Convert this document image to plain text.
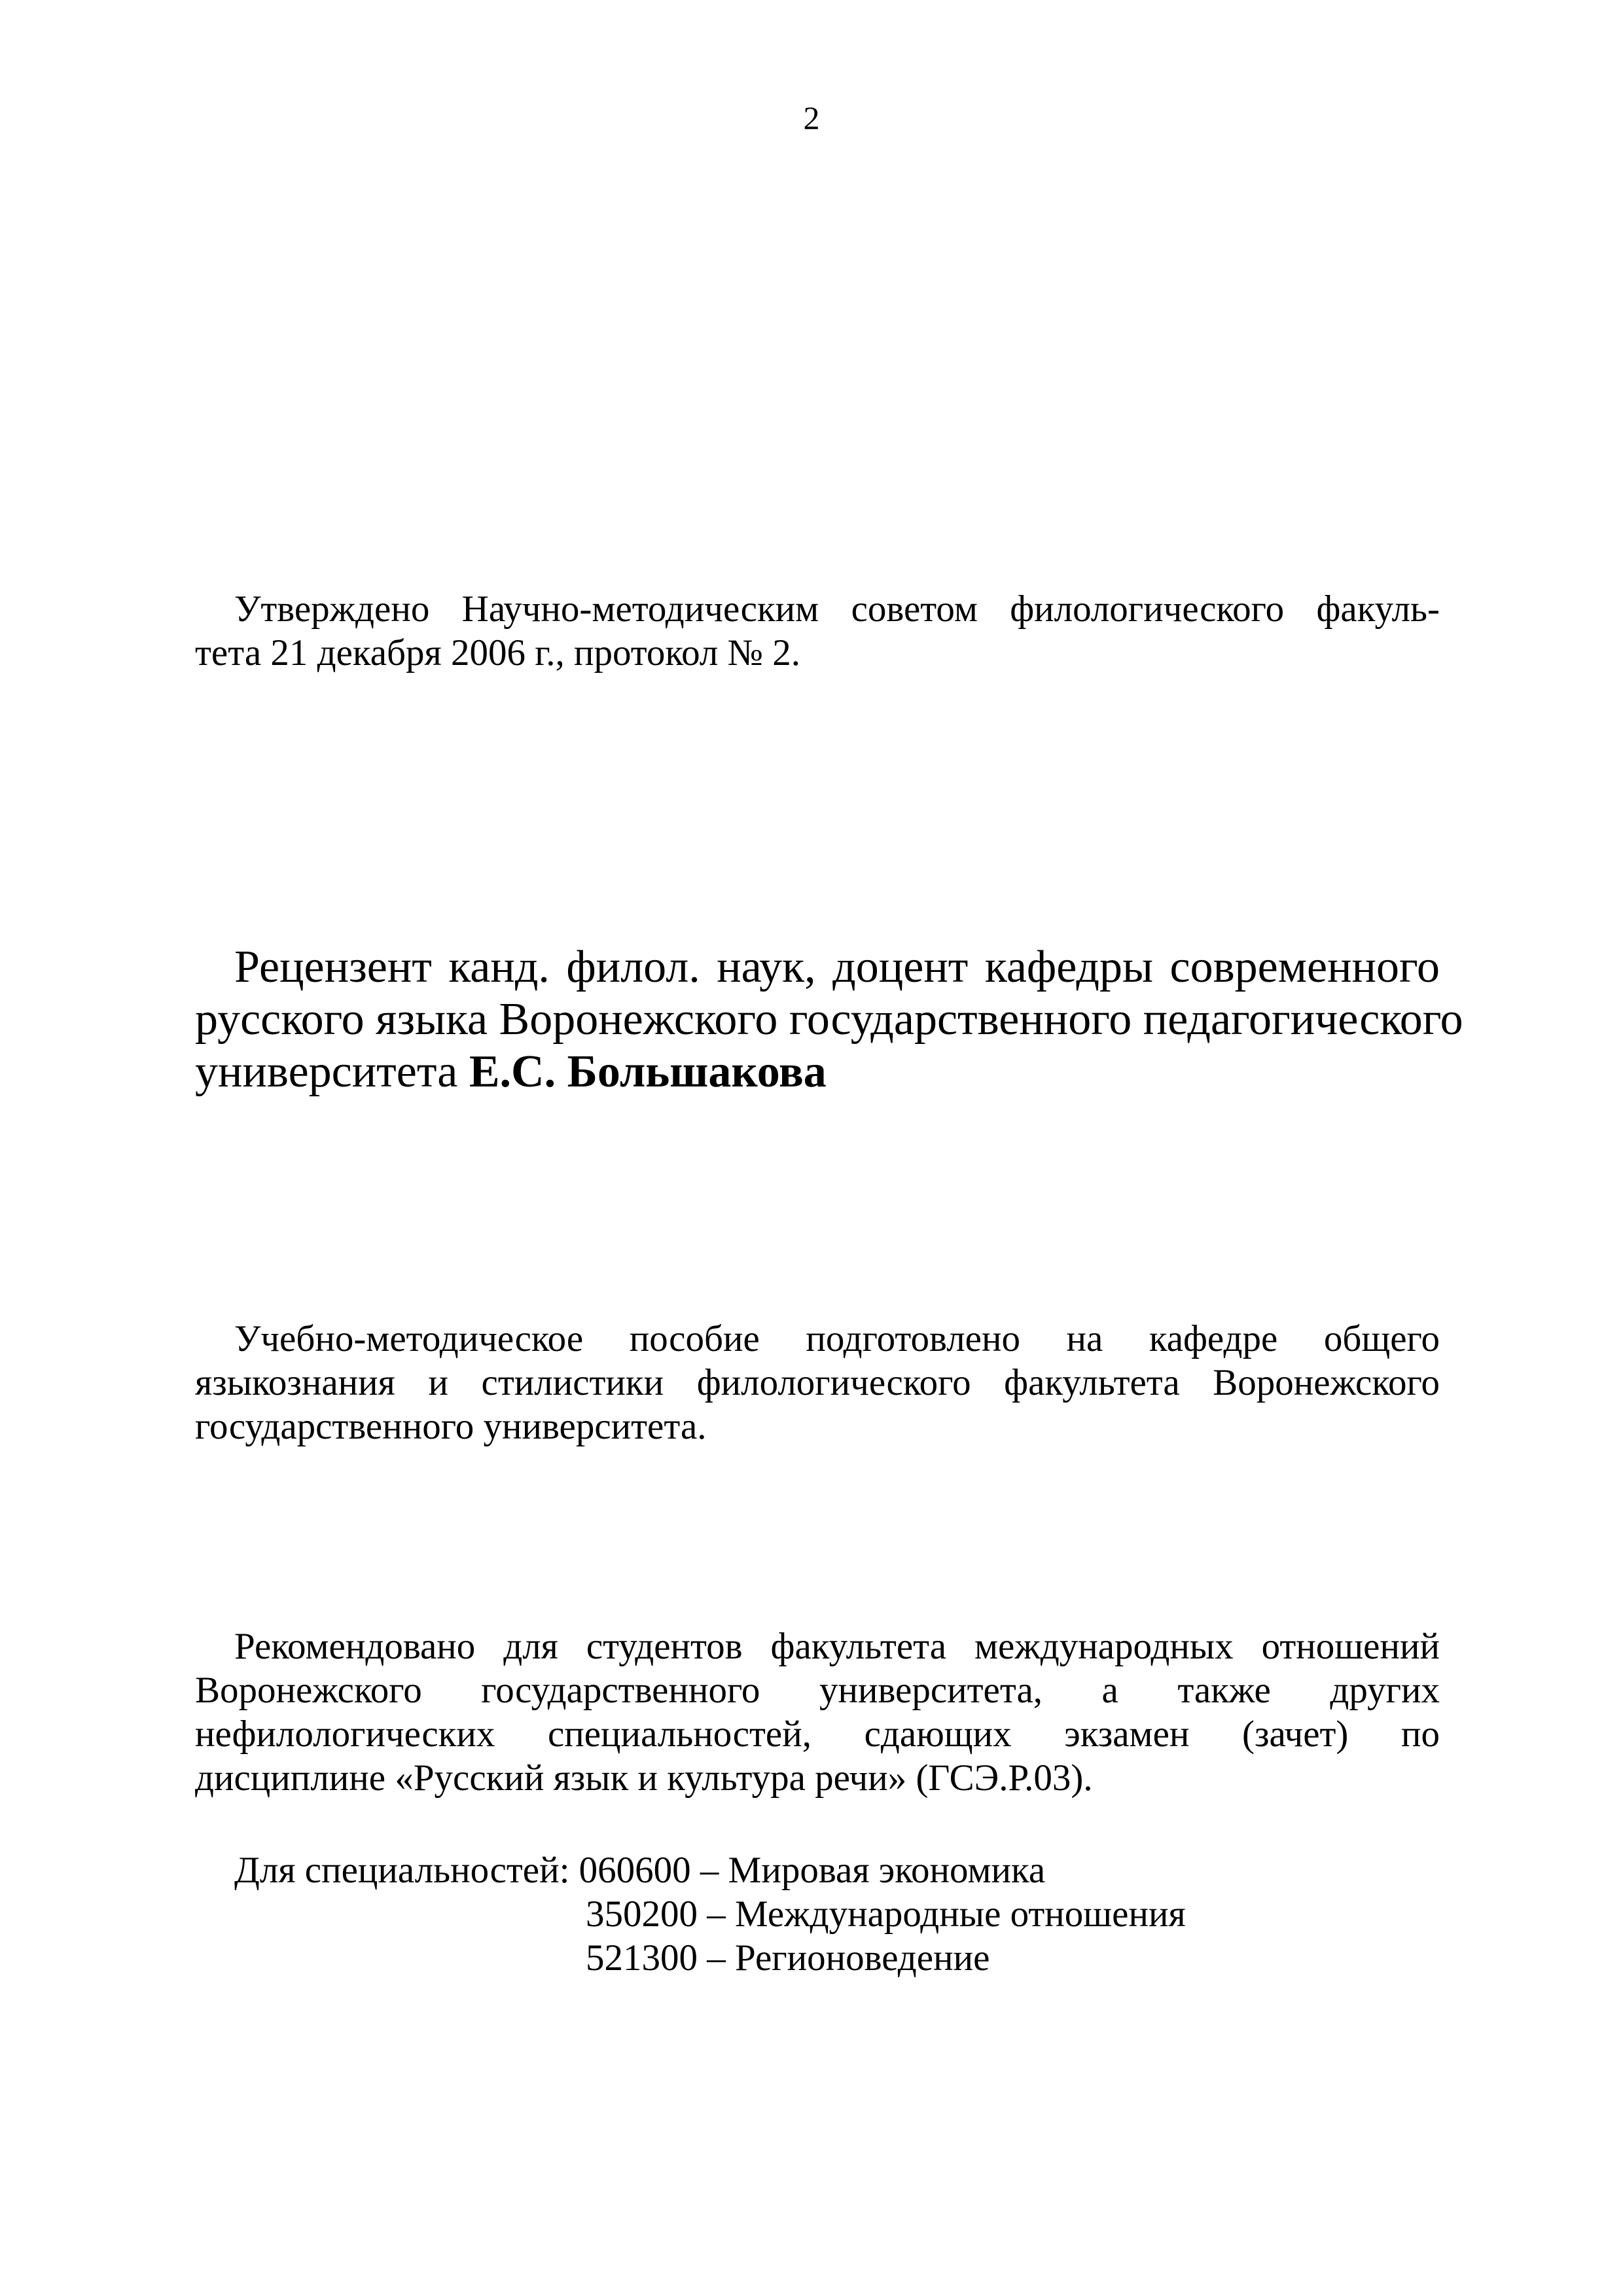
2
Утверждено Научно-методическим советом филологического факуль-
тета 21 декабря 2006 г., протокол № 2.
Рецензент канд. филол. наук, доцент кафедры современного
русского языка Воронежского государственного педагогического
университета Е.С. Большакова
Учебно-методическое пособие подготовлено на кафедре общего
языкознания и стилистики филологического факультета Воронежского
государственного университета.
Рекомендовано для студентов факультета международных отношений
Воронежского государственного университета, а также других
нефилологических специальностей, сдающих экзамен (зачет) по
дисциплине «Русский язык и культура речи» (ГСЭ.Р.03).
Для специальностей: 060600 – Мировая экономика
350200 – Международные отношения
521300 – Регионоведение
